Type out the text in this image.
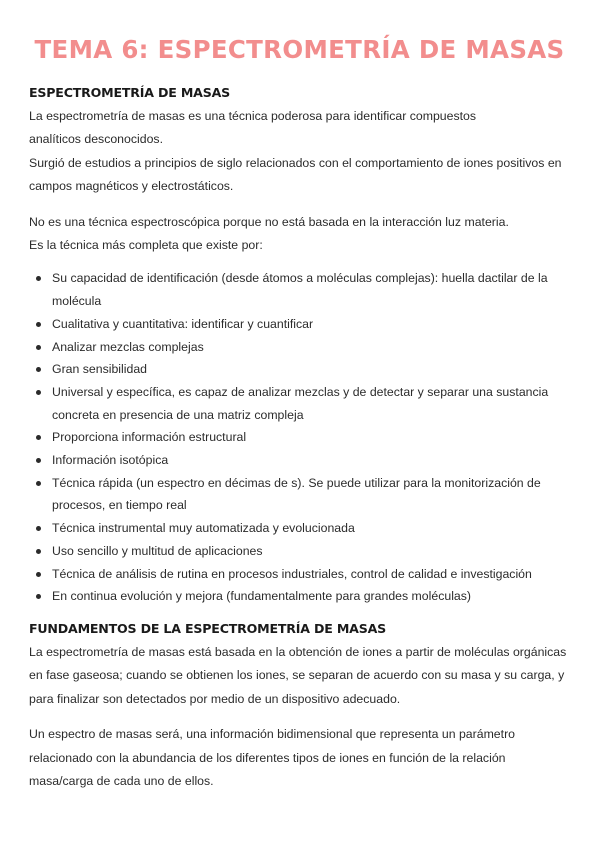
TEMA 6: ESPECTROMETRÍA DE MASAS
ESPECTROMETRÍA DE MASAS

La espectrometría de masas es una técnica poderosa para identificar compuestos analíticos desconocidos.

Surgió de estudios a principios de siglo relacionados con el comportamiento de iones positivos en campos magnéticos y electrostáticos.

No es una técnica espectroscópica porque no está basada en la interacción luz materia.

Es la técnica más completa que existe por:

Su capacidad de identificación (desde átomos a moléculas complejas): huella dactilar de la molécula
Cualitativa y cuantitativa: identificar y cuantificar
Analizar mezclas complejas
Gran sensibilidad
Universal y específica, es capaz de analizar mezclas y de detectar y separar una sustancia concreta en presencia de una matriz compleja
Proporciona información estructural
Información isotópica
Técnica rápida (un espectro en décimas de s). Se puede utilizar para la monitorización de procesos, en tiempo real
Técnica instrumental muy automatizada y evolucionada
Uso sencillo y multitud de aplicaciones
Técnica de análisis de rutina en procesos industriales, control de calidad e investigación
En continua evolución y mejora (fundamentalmente para grandes moléculas)
FUNDAMENTOS DE LA ESPECTROMETRÍA DE MASAS

La espectrometría de masas está basada en la obtención de iones a partir de moléculas orgánicas en fase gaseosa; cuando se obtienen los iones, se separan de acuerdo con su masa y su carga, y para finalizar son detectados por medio de un dispositivo adecuado.

Un espectro de masas será, una información bidimensional que representa un parámetro relacionado con la abundancia de los diferentes tipos de iones en función de la relación masa/carga de cada uno de ellos.
